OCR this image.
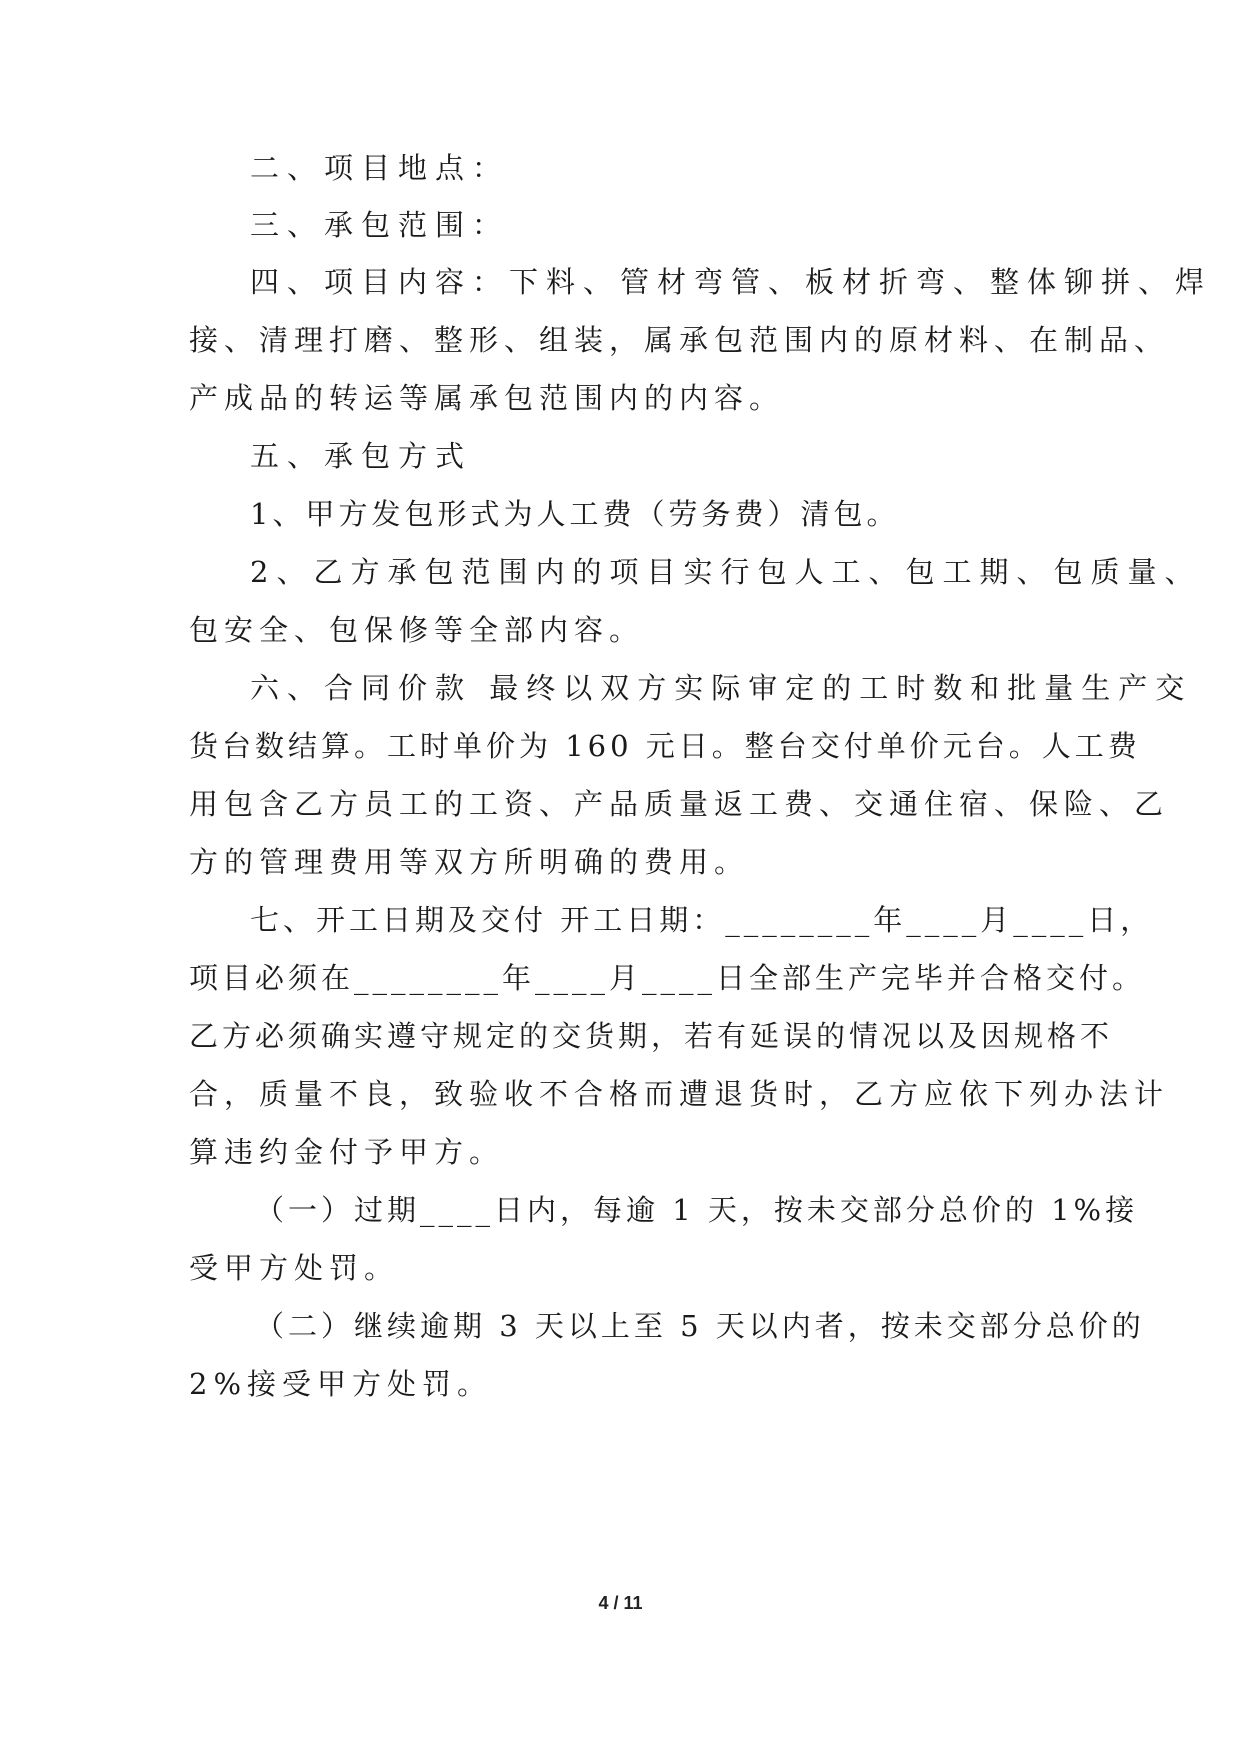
二、项目地点：
三、承包范围：
四、项目内容：下料、管材弯管、板材折弯、整体铆拼、焊
接、清理打磨、整形、组装，属承包范围内的原材料、在制品、
产成品的转运等属承包范围内的内容。
五、承包方式
1、甲方发包形式为人工费（劳务费）清包。
2、乙方承包范围内的项目实行包人工、包工期、包质量、
包安全、包保修等全部内容。
六、合同价款 最终以双方实际审定的工时数和批量生产交
货台数结算。工时单价为 160 元日。整台交付单价元台。人工费
用包含乙方员工的工资、产品质量返工费、交通住宿、保险、乙
方的管理费用等双方所明确的费用。
七、开工日期及交付 开工日期：________年____月____日，
项目必须在________年____月____日全部生产完毕并合格交付。
乙方必须确实遵守规定的交货期，若有延误的情况以及因规格不
合，质量不良，致验收不合格而遭退货时，乙方应依下列办法计
算违约金付予甲方。
（一）过期____日内，每逾 1 天，按未交部分总价的 1%接
受甲方处罚。
（二）继续逾期 3 天以上至 5 天以内者，按未交部分总价的
2%接受甲方处罚。
4 / 11
